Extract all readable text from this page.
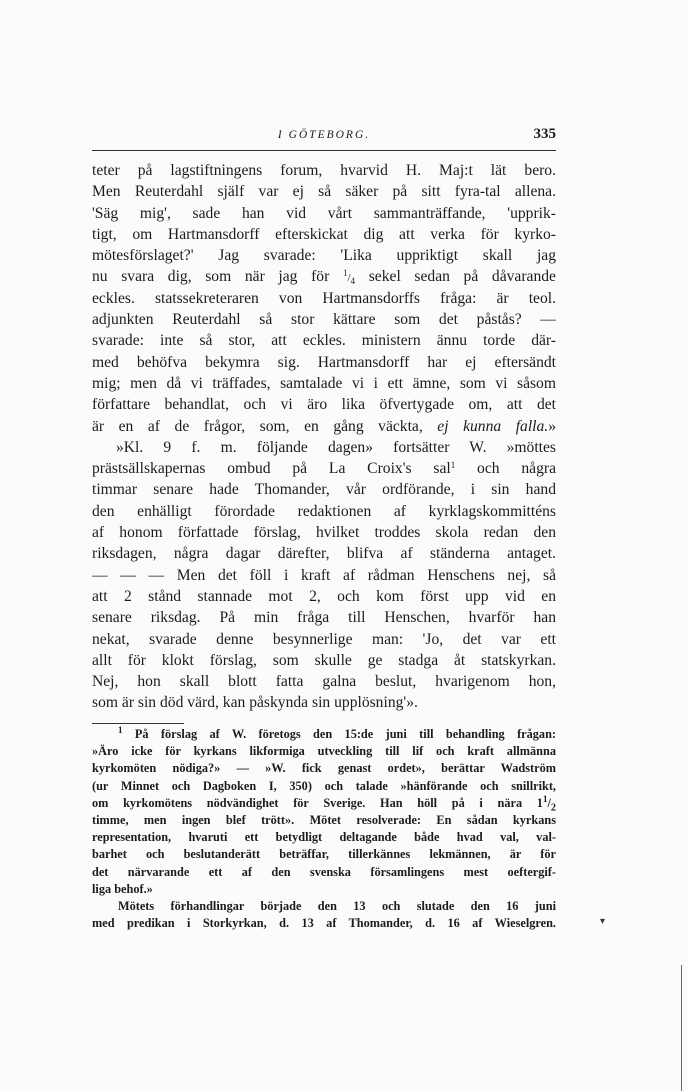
I GÖTEBORG.	335
teter på lagstiftningens forum, hvarvid H. Maj:t lät bero.
Men Reuterdahl själf var ej så säker på sitt fyra-tal allena.
'Säg mig', sade han vid vårt sammanträffande, 'upprik-
tigt, om Hartmansdorff efterskickat dig att verka för kyrko-
mötesförslaget?' Jag svarade: 'Lika uppriktigt skall jag
nu svara dig, som när jag för $^1/_4$ sekel sedan på dåvarande
eckles. statssekreteraren von Hartmansdorffs fråga: är teol.
adjunkten Reuterdahl så stor kättare som det påstås? —
svarade: inte så stor, att eckles. ministern ännu torde där-
med behöfva bekymra sig. Hartmansdorff har ej eftersändt
mig; men då vi träffades, samtalade vi i ett ämne, som vi såsom
författare behandlat, och vi äro lika öfvertygade om, att det
är en af de frågor, som, en gång väckta, ej kunna falla.»
»Kl. 9 f. m. följande dagen» fortsätter W. »möttes
prästsällskapernas ombud på La Croix's sal$^1$ och några
timmar senare hade Thomander, vår ordförande, i sin hand
den enhälligt förordade redaktionen af kyrklagskommitténs
af honom författade förslag, hvilket troddes skola redan den
riksdagen, några dagar därefter, blifva af ständerna antaget.
— — — Men det föll i kraft af rådman Henschens nej, så
att 2 stånd stannade mot 2, och kom först upp vid en
senare riksdag. På min fråga till Henschen, hvarför han
nekat, svarade denne besynnerlige man: 'Jo, det var ett
allt för klokt förslag, som skulle ge stadga åt statskyrkan.
Nej, hon skall blott fatta galna beslut, hvarigenom hon,
som är sin död värd, kan påskynda sin upplösning'».
$^1$ På förslag af W. företogs den 15:de juni till behandling frågan:
»Äro icke för kyrkans likformiga utveckling till lif och kraft allmänna
kyrkomöten nödiga?» — »W. fick genast ordet», berättar Wadström
(ur Minnet och Dagboken I, 350) och talade »hänförande och snillrikt,
om kyrkomötens nödvändighet för Sverige. Han höll på i nära $1^1/_2$
timme, men ingen blef trött». Mötet resolverade: En sådan kyrkans
representation, hvaruti ett betydligt deltagande både hvad val, val-
barhet och beslutanderätt beträffar, tillerkännes lekmännen, är för
det närvarande ett af den svenska församlingens mest oeftergif-
liga behof.»
Mötets förhandlingar började den 13 och slutade den 16 juni
med predikan i Storkyrkan, d. 13 af Thomander, d. 16 af Wieselgren.	▾
